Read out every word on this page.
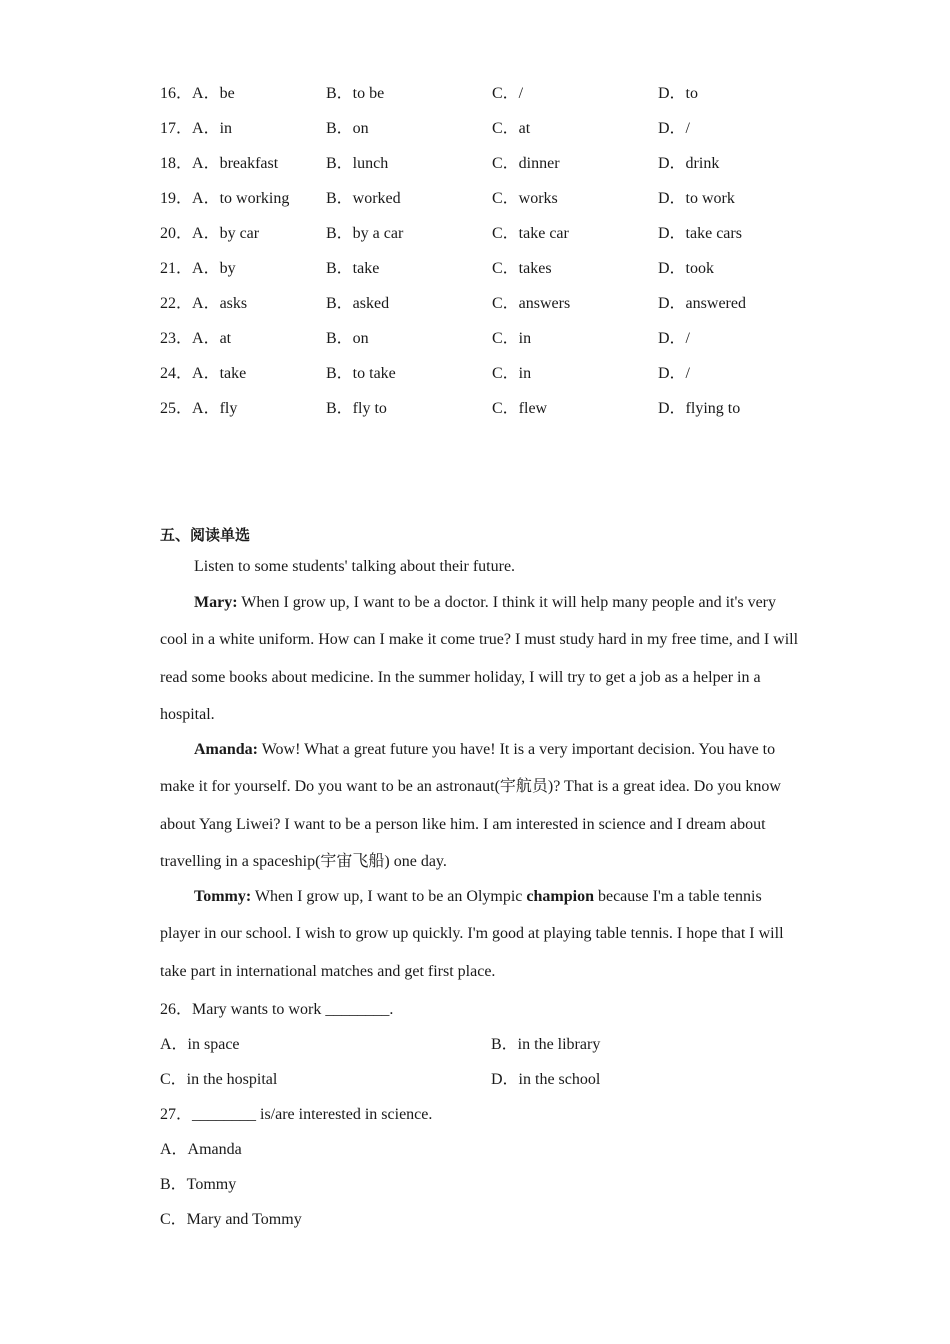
16．A．be	B．to be	C．/	D．to
17．A．in	B．on	C．at	D．/
18．A．breakfast	B．lunch	C．dinner	D．drink
19．A．to working	B．worked	C．works	D．to work
20．A．by car	B．by a car	C．take car	D．take cars
21．A．by	B．take	C．takes	D．took
22．A．asks	B．asked	C．answers	D．answered
23．A．at	B．on	C．in	D．/
24．A．take	B．to take	C．in	D．/
25．A．fly	B．fly to	C．flew	D．flying to
五、阅读单选
Listen to some students' talking about their future.
Mary: When I grow up, I want to be a doctor. I think it will help many people and it's very cool in a white uniform. How can I make it come true? I must study hard in my free time, and I will read some books about medicine. In the summer holiday, I will try to get a job as a helper in a hospital.
Amanda: Wow! What a great future you have! It is a very important decision. You have to make it for yourself. Do you want to be an astronaut(宇航员)? That is a great idea. Do you know about Yang Liwei? I want to be a person like him. I am interested in science and I dream about travelling in a spaceship(宇宙飞船) one day.
Tommy: When I grow up, I want to be an Olympic champion because I'm a table tennis player in our school. I wish to grow up quickly. I'm good at playing table tennis. I hope that I will take part in international matches and get first place.
26．Mary wants to work ________.
A．in space	B．in the library
C．in the hospital	D．in the school
27．________ is/are interested in science.
A．Amanda
B．Tommy
C．Mary and Tommy
